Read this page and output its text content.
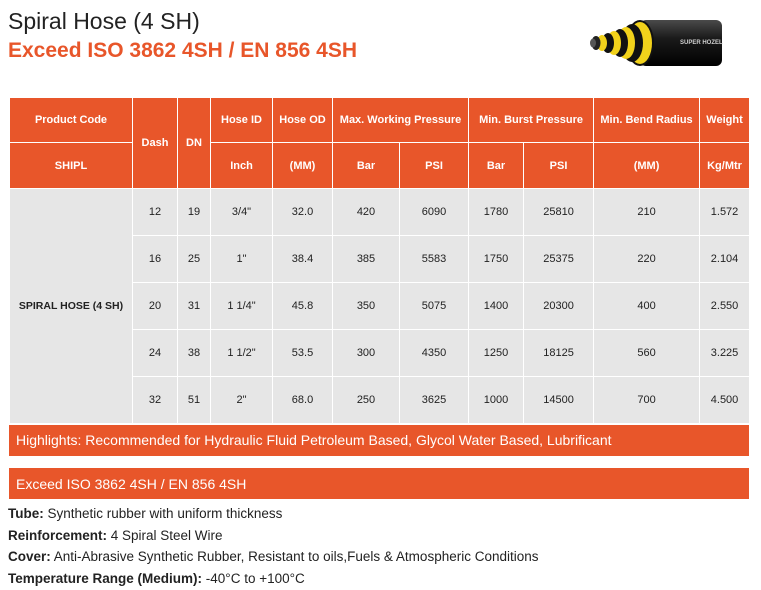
Spiral Hose (4 SH)
Exceed ISO 3862 4SH / EN 856 4SH	SUPER HOZEL
Product Code	Dash	DN	Hose ID	Hose OD	Max. Working Pressure		Min. Burst Pressure		Min. Bend Radius	Weight
SHIPL			Inch	(MM)	Bar	PSI	Bar	PSI	(MM)	Kg/Mtr
SPIRAL HOSE (4 SH)	12	19	3/4"	32.0	420	6090	1780	25810	210	1.572
	16	25	1"	38.4	385	5583	1750	25375	220	2.104
	20	31	1 1/4"	45.8	350	5075	1400	20300	400	2.550
	24	38	1 1/2"	53.5	300	4350	1250	18125	560	3.225
	32	51	2"	68.0	250	3625	1000	14500	700	4.500
Highlights: Recommended for Hydraulic Fluid Petroleum Based, Glycol Water Based, Lubrificant
Exceed ISO 3862 4SH / EN 856 4SH
Tube: Synthetic rubber with uniform thickness
Reinforcement: 4 Spiral Steel Wire
Cover: Anti-Abrasive Synthetic Rubber, Resistant to oils,Fuels & Atmospheric Conditions
Temperature Range (Medium): -40°C to +100°C
